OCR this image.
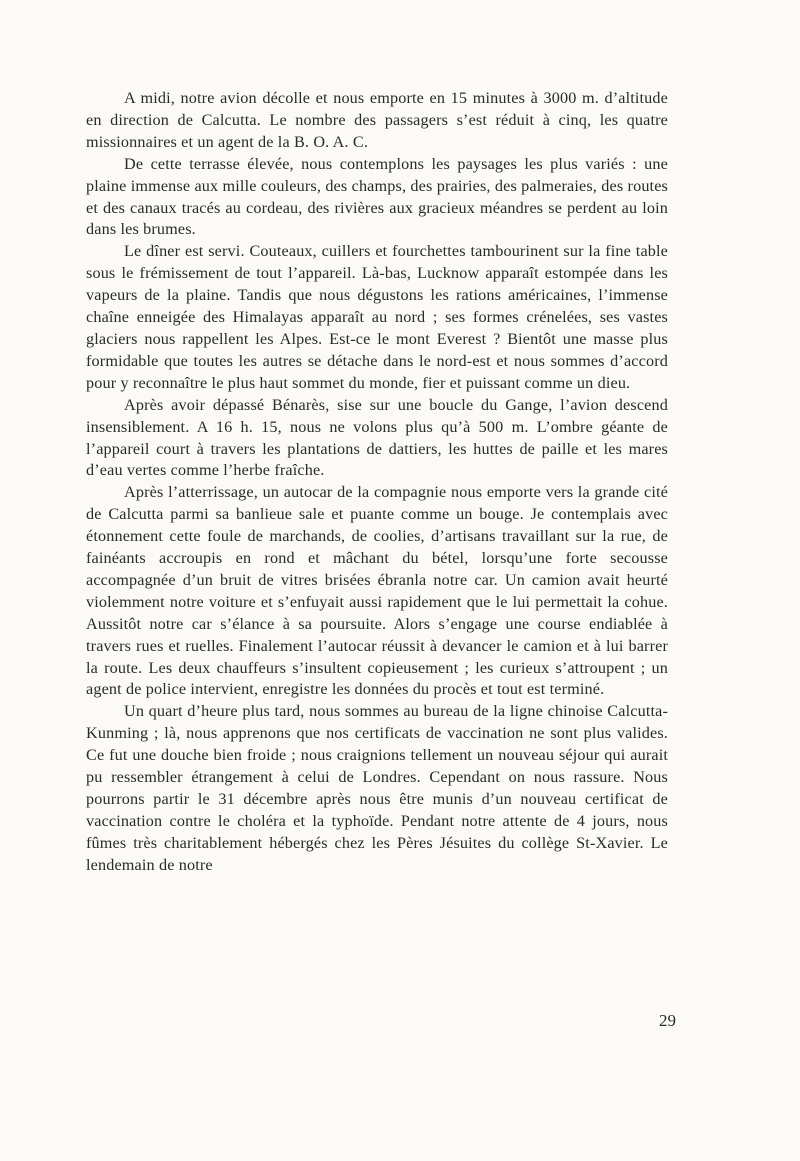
A midi, notre avion décolle et nous emporte en 15 minutes à 3000 m. d’altitude en direction de Calcutta. Le nombre des passagers s’est réduit à cinq, les quatre missionnaires et un agent de la B. O. A. C.

De cette terrasse élevée, nous contemplons les paysages les plus variés : une plaine immense aux mille couleurs, des champs, des prairies, des palmeraies, des routes et des canaux tracés au cordeau, des rivières aux gracieux méandres se perdent au loin dans les brumes.

Le dîner est servi. Couteaux, cuillers et fourchettes tambourinent sur la fine table sous le frémissement de tout l’appareil. Là-bas, Lucknow apparaît estompée dans les vapeurs de la plaine. Tandis que nous dégustons les rations américaines, l’immense chaîne enneigée des Himalayas apparaît au nord ; ses formes crénelées, ses vastes glaciers nous rappellent les Alpes. Est-ce le mont Everest ? Bientôt une masse plus formidable que toutes les autres se détache dans le nord-est et nous sommes d’accord pour y reconnaître le plus haut sommet du monde, fier et puissant comme un dieu.

Après avoir dépassé Bénarès, sise sur une boucle du Gange, l’avion descend insensiblement. A 16 h. 15, nous ne volons plus qu’à 500 m. L’ombre géante de l’appareil court à travers les plantations de dattiers, les huttes de paille et les mares d’eau vertes comme l’herbe fraîche.

Après l’atterrissage, un autocar de la compagnie nous emporte vers la grande cité de Calcutta parmi sa banlieue sale et puante comme un bouge. Je contemplais avec étonnement cette foule de marchands, de coolies, d’artisans travaillant sur la rue, de fainéants accroupis en rond et mâchant du bétel, lorsqu’une forte secousse accompagnée d’un bruit de vitres brisées ébranla notre car. Un camion avait heurté violemment notre voiture et s’enfuyait aussi rapidement que le lui permettait la cohue. Aussitôt notre car s’élance à sa poursuite. Alors s’engage une course endiablée à travers rues et ruelles. Finalement l’autocar réussit à devancer le camion et à lui barrer la route. Les deux chauffeurs s’insultent copieusement ; les curieux s’attroupent ; un agent de police intervient, enregistre les données du procès et tout est terminé.

Un quart d’heure plus tard, nous sommes au bureau de la ligne chinoise Calcutta-Kunming ; là, nous apprenons que nos certificats de vaccination ne sont plus valides. Ce fut une douche bien froide ; nous craignions tellement un nouveau séjour qui aurait pu ressembler étrangement à celui de Londres. Cependant on nous rassure. Nous pourrons partir le 31 décembre après nous être munis d’un nouveau certificat de vaccination contre le choléra et la typhoïde. Pendant notre attente de 4 jours, nous fûmes très charitablement hébergés chez les Pères Jésuites du collège St-Xavier. Le lendemain de notre

29
